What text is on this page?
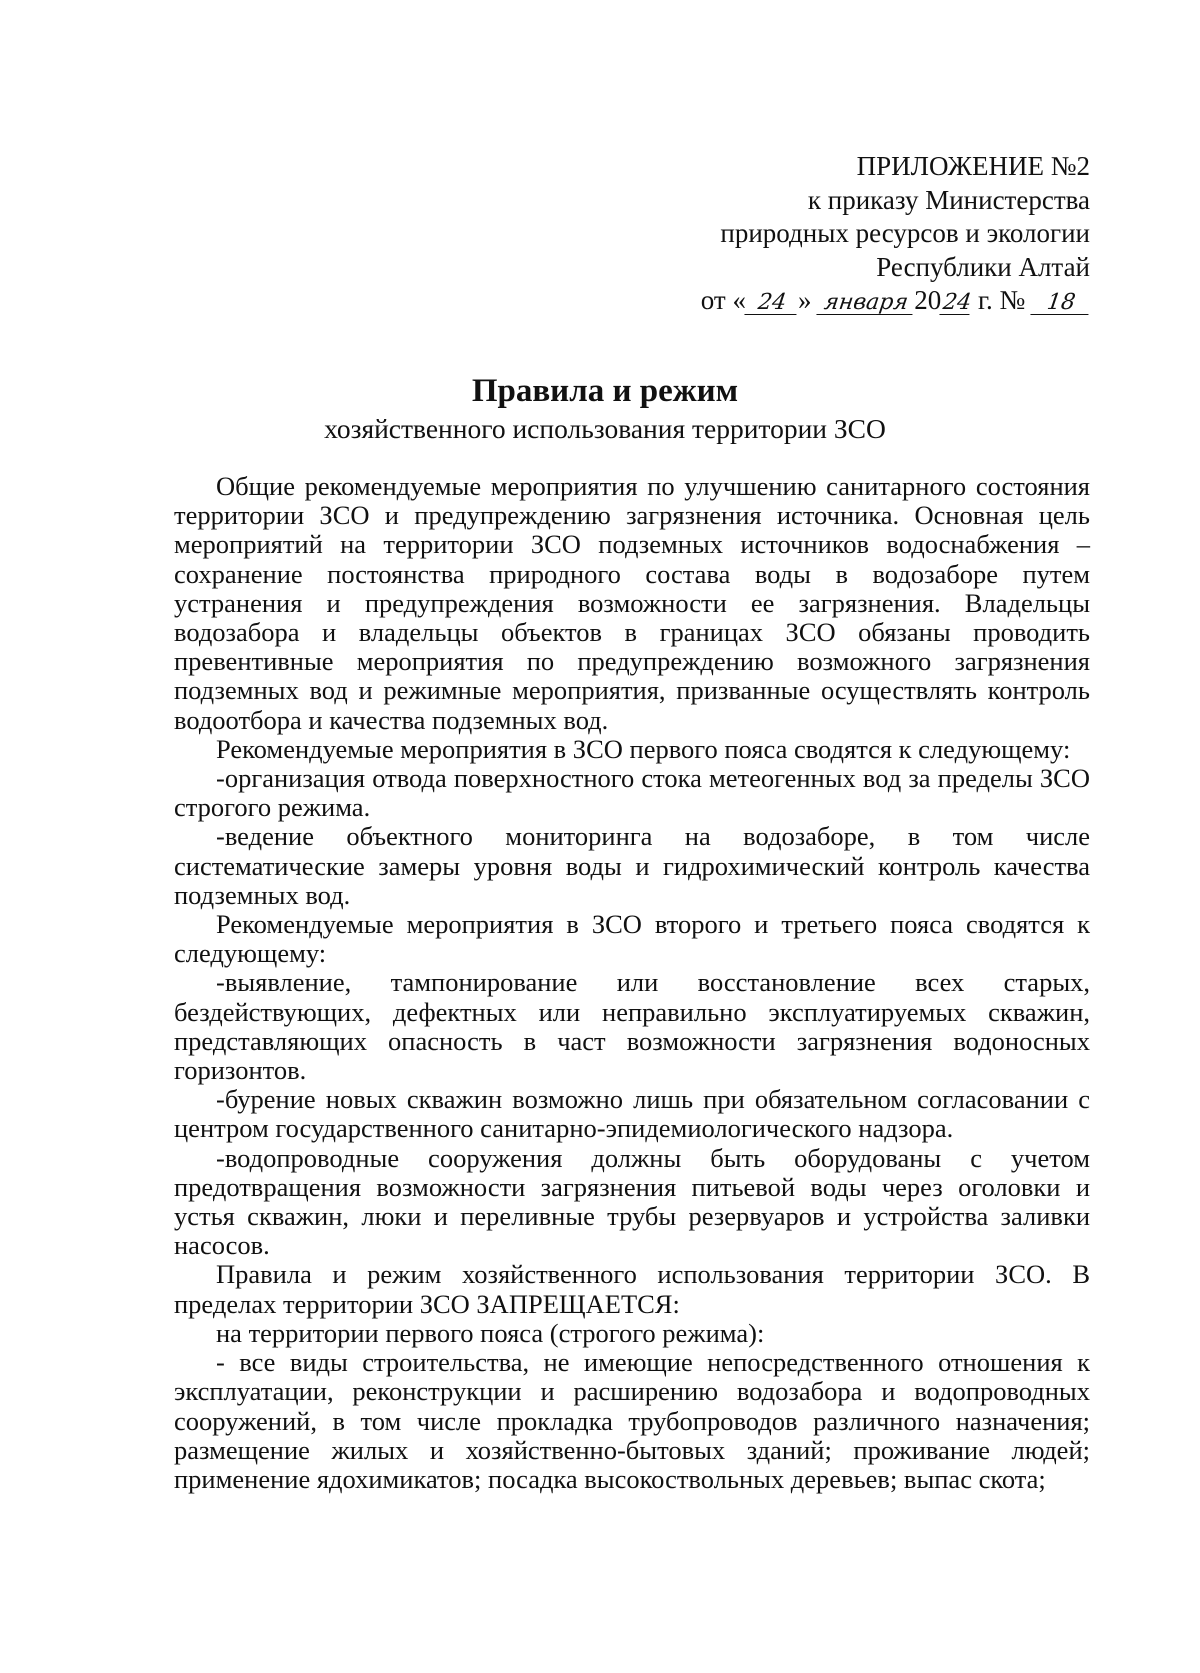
ПРИЛОЖЕНИЕ №2
к приказу Министерства
природных ресурсов и экологии
Республики Алтай
от « 24 » января 2024 г. № 18
Правила и режим
хозяйственного использования территории ЗСО

Общие рекомендуемые мероприятия по улучшению санитарного состояния территории ЗСО и предупреждению загрязнения источника. Основная цель мероприятий на территории ЗСО подземных источников водоснабжения – сохранение постоянства природного состава воды в водозаборе путем устранения и предупреждения возможности ее загрязнения. Владельцы водозабора и владельцы объектов в границах ЗСО обязаны проводить превентивные мероприятия по предупреждению возможного загрязнения подземных вод и режимные мероприятия, призванные осуществлять контроль водоотбора и качества подземных вод.

Рекомендуемые мероприятия в ЗСО первого пояса сводятся к следующему:

-организация отвода поверхностного стока метеогенных вод за пределы ЗСО строгого режима.

-ведение объектного мониторинга на водозаборе, в том числе систематические замеры уровня воды и гидрохимический контроль качества подземных вод.

Рекомендуемые мероприятия в ЗСО второго и третьего пояса сводятся к следующему:

-выявление, тампонирование или восстановление всех старых, бездействующих, дефектных или неправильно эксплуатируемых скважин, представляющих опасность в част возможности загрязнения водоносных горизонтов.

-бурение новых скважин возможно лишь при обязательном согласовании с центром государственного санитарно-эпидемиологического надзора.

-водопроводные сооружения должны быть оборудованы с учетом предотвращения возможности загрязнения питьевой воды через оголовки и устья скважин, люки и переливные трубы резервуаров и устройства заливки насосов.

Правила и режим хозяйственного использования территории ЗСО. В пределах территории ЗСО ЗАПРЕЩАЕТСЯ:

на территории первого пояса (строгого режима):

- все виды строительства, не имеющие непосредственного отношения к эксплуатации, реконструкции и расширению водозабора и водопроводных сооружений, в том числе прокладка трубопроводов различного назначения; размещение жилых и хозяйственно-бытовых зданий; проживание людей; применение ядохимикатов; посадка высокоствольных деревьев; выпас скота;
